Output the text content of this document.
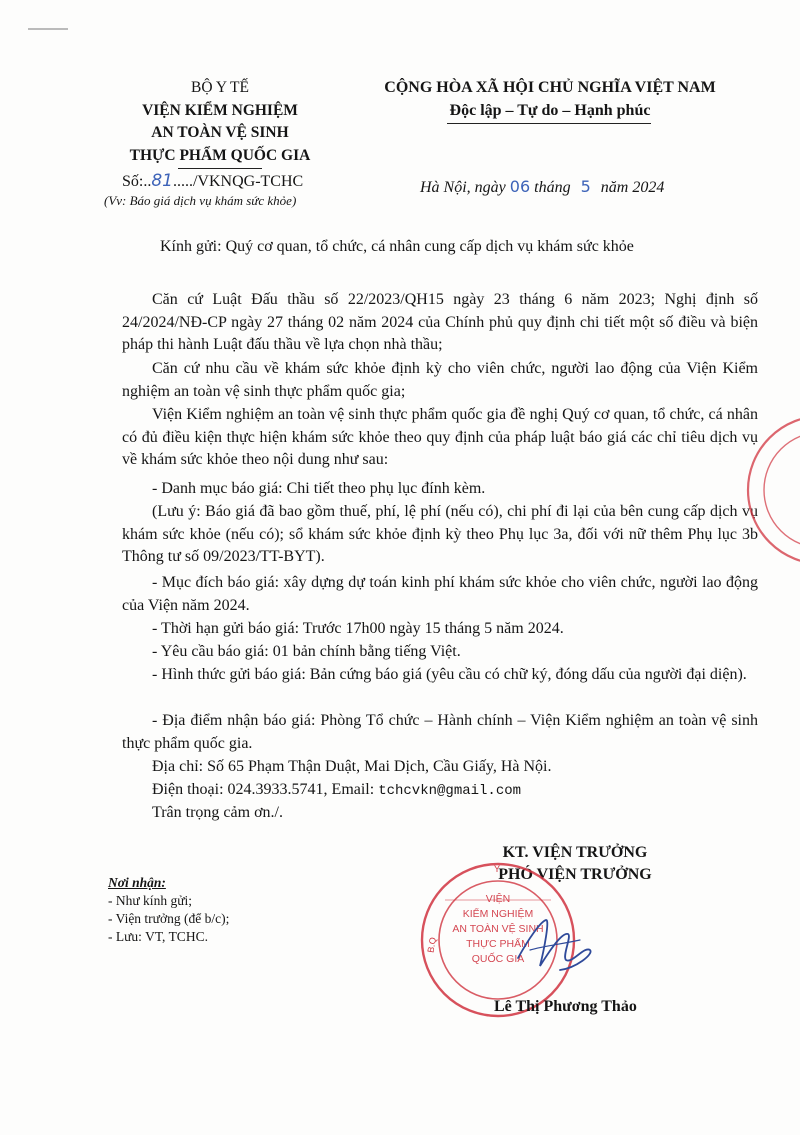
BỘ Y TẾ
VIỆN KIỂM NGHIỆM
AN TOÀN VỆ SINH
THỰC PHẨM QUỐC GIA
Số:..81...../VKNQG-TCHC
(Vv: Báo giá dịch vụ khám sức khỏe)
CỘNG HÒA XÃ HỘI CHỦ NGHĨA VIỆT NAM
Độc lập – Tự do – Hạnh phúc
Hà Nội, ngày 06 tháng 5 năm 2024
Kính gửi: Quý cơ quan, tổ chức, cá nhân cung cấp dịch vụ khám sức khỏe

Căn cứ Luật Đấu thầu số 22/2023/QH15 ngày 23 tháng 6 năm 2023; Nghị định số 24/2024/NĐ-CP ngày 27 tháng 02 năm 2024 của Chính phủ quy định chi tiết một số điều và biện pháp thi hành Luật đấu thầu về lựa chọn nhà thầu;

Căn cứ nhu cầu về khám sức khỏe định kỳ cho viên chức, người lao động của Viện Kiểm nghiệm an toàn vệ sinh thực phẩm quốc gia;

Viện Kiểm nghiệm an toàn vệ sinh thực phẩm quốc gia đề nghị Quý cơ quan, tổ chức, cá nhân có đủ điều kiện thực hiện khám sức khỏe theo quy định của pháp luật báo giá các chỉ tiêu dịch vụ về khám sức khỏe theo nội dung như sau:

- Danh mục báo giá: Chi tiết theo phụ lục đính kèm.

(Lưu ý: Báo giá đã bao gồm thuế, phí, lệ phí (nếu có), chi phí đi lại của bên cung cấp dịch vụ khám sức khỏe (nếu có); sổ khám sức khỏe định kỳ theo Phụ lục 3a, đối với nữ thêm Phụ lục 3b Thông tư số 09/2023/TT-BYT).

- Mục đích báo giá: xây dựng dự toán kinh phí khám sức khỏe cho viên chức, người lao động của Viện năm 2024.

- Thời hạn gửi báo giá: Trước 17h00 ngày 15 tháng 5 năm 2024.

- Yêu cầu báo giá: 01 bản chính bằng tiếng Việt.

- Hình thức gửi báo giá: Bản cứng báo giá (yêu cầu có chữ ký, đóng dấu của người đại diện).

- Địa điểm nhận báo giá: Phòng Tổ chức – Hành chính – Viện Kiểm nghiệm an toàn vệ sinh thực phẩm quốc gia.

Địa chỉ: Số 65 Phạm Thận Duật, Mai Dịch, Cầu Giấy, Hà Nội.

Điện thoại: 024.3933.5741, Email: tchcvkn@gmail.com

Trân trọng cảm ơn./.

Nơi nhận:
- Như kính gửi;
- Viện trưởng (để b/c);
- Lưu: VT, TCHC.
KT. VIỆN TRƯỞNG
PHÓ VIỆN TRƯỞNG
VIỆN
KIỂM NGHIỆM
AN TOÀN VỆ SINH
THỰC PHẨM
QUỐC GIA
B.Q
Y
Lê Thị Phương Thảo
